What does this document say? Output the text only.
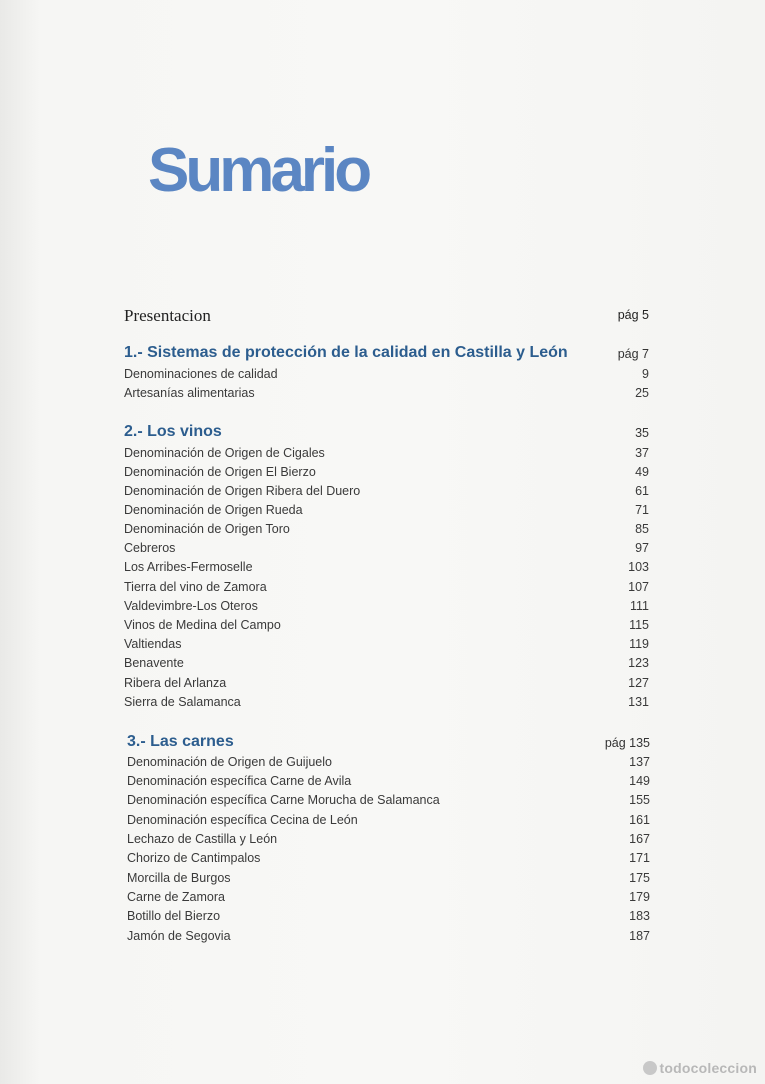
Sumario
Presentacion	pág 5
1.- Sistemas de protección de la calidad en Castilla y León	pág 7
Denominaciones de calidad	9
Artesanías alimentarias	25
2.- Los vinos	35
Denominación de Origen de Cigales	37
Denominación de Origen El Bierzo	49
Denominación de Origen Ribera del Duero	61
Denominación de Origen Rueda	71
Denominación de Origen Toro	85
Cebreros	97
Los Arribes-Fermoselle	103
Tierra del vino de Zamora	107
Valdevimbre-Los Oteros	111
Vinos de Medina del Campo	115
Valtiendas	119
Benavente	123
Ribera del Arlanza	127
Sierra de Salamanca	131
3.- Las carnes	pág 135
Denominación de Origen de Guijuelo	137
Denominación específica Carne de Avila	149
Denominación específica Carne Morucha de Salamanca	155
Denominación específica Cecina de León	161
Lechazo de Castilla y León	167
Chorizo de Cantimpalos	171
Morcilla de Burgos	175
Carne de Zamora	179
Botillo del Bierzo	183
Jamón de Segovia	187
todocoleccion
